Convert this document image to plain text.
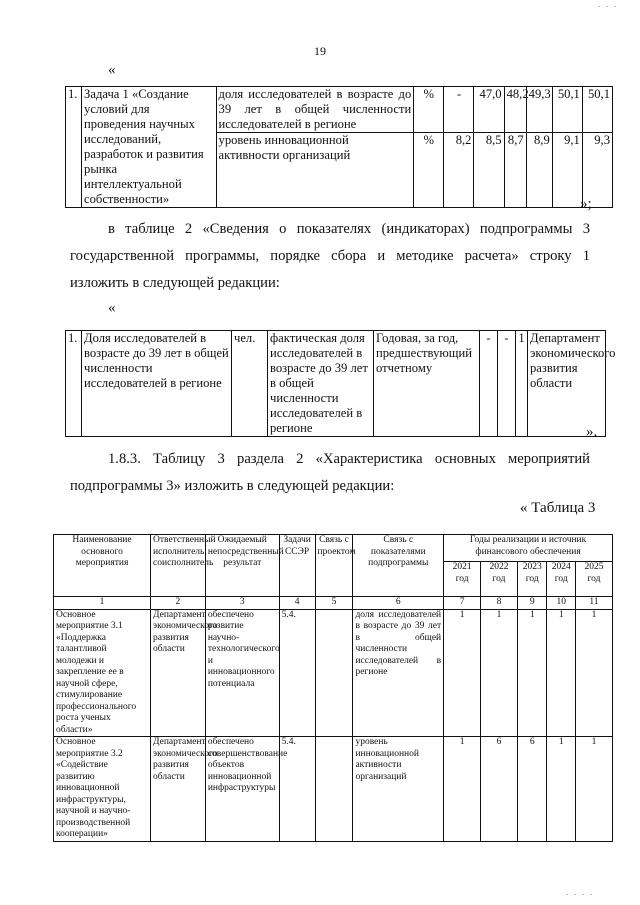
. . .
19
«
1.	Задача 1 «Создание условий для проведения научных исследований, разработок и развития рынка интеллектуальной собственности»	доля исследователей в возрасте до 39 лет в общей численности исследователей в регионе	%	-	47,0	48,2	49,3	50,1	50,1
		уровень инновационной активности организаций	%	8,2	8,5	8,7	8,9	9,1	9,3
»;
в таблице 2 «Сведения о показателях (индикаторах) подпрограммы 3 государственной программы, порядке сбора и методике расчета» строку 1 изложить в следующей редакции:
«
1.	Доля исследователей в возрасте до 39 лет в общей численности исследователей в регионе	чел.	фактическая доля исследователей в возрасте до 39 лет в общей численности исследователей в регионе	Годовая, за год, предшествующий отчетному	-	-	1	Департамент экономического развития области
».
1.8.3. Таблицу 3 раздела 2 «Характеристика основных мероприятий подпрограммы 3» изложить в следующей редакции:
« Таблица 3
Наименование основного мероприятия	Ответственный исполнитель, соисполнитель	Ожидаемый непосредственный результат	Задачи ССЭР	Связь с проектом	Связь с показателями подпрограммы	Годы реализации и источник финансового обеспечения				
						2021 год	2022 год	2023 год	2024 год	2025 год
1	2	3	4	5	6	7	8	9	10	11
Основное мероприятие 3.1 «Поддержка талантливой молодежи и закрепление ее в научной сфере, стимулирование профессионального роста ученых области»	Департамент экономического развития области	обеспечено развитие научно-технологического и инновационного потенциала	5.4.		доля исследователей в возрасте до 39 лет в общей численности исследователей в регионе	1	1	1	1	1
Основное мероприятие 3.2 «Содействие развитию инновационной инфраструктуры, научной и научно-производственной кооперации»	Департамент экономического развития области	обеспечено совершенствование объектов инновационной инфраструктуры	5.4.		уровень инновационной активности организаций	1	6	6	1	1
. . . .
